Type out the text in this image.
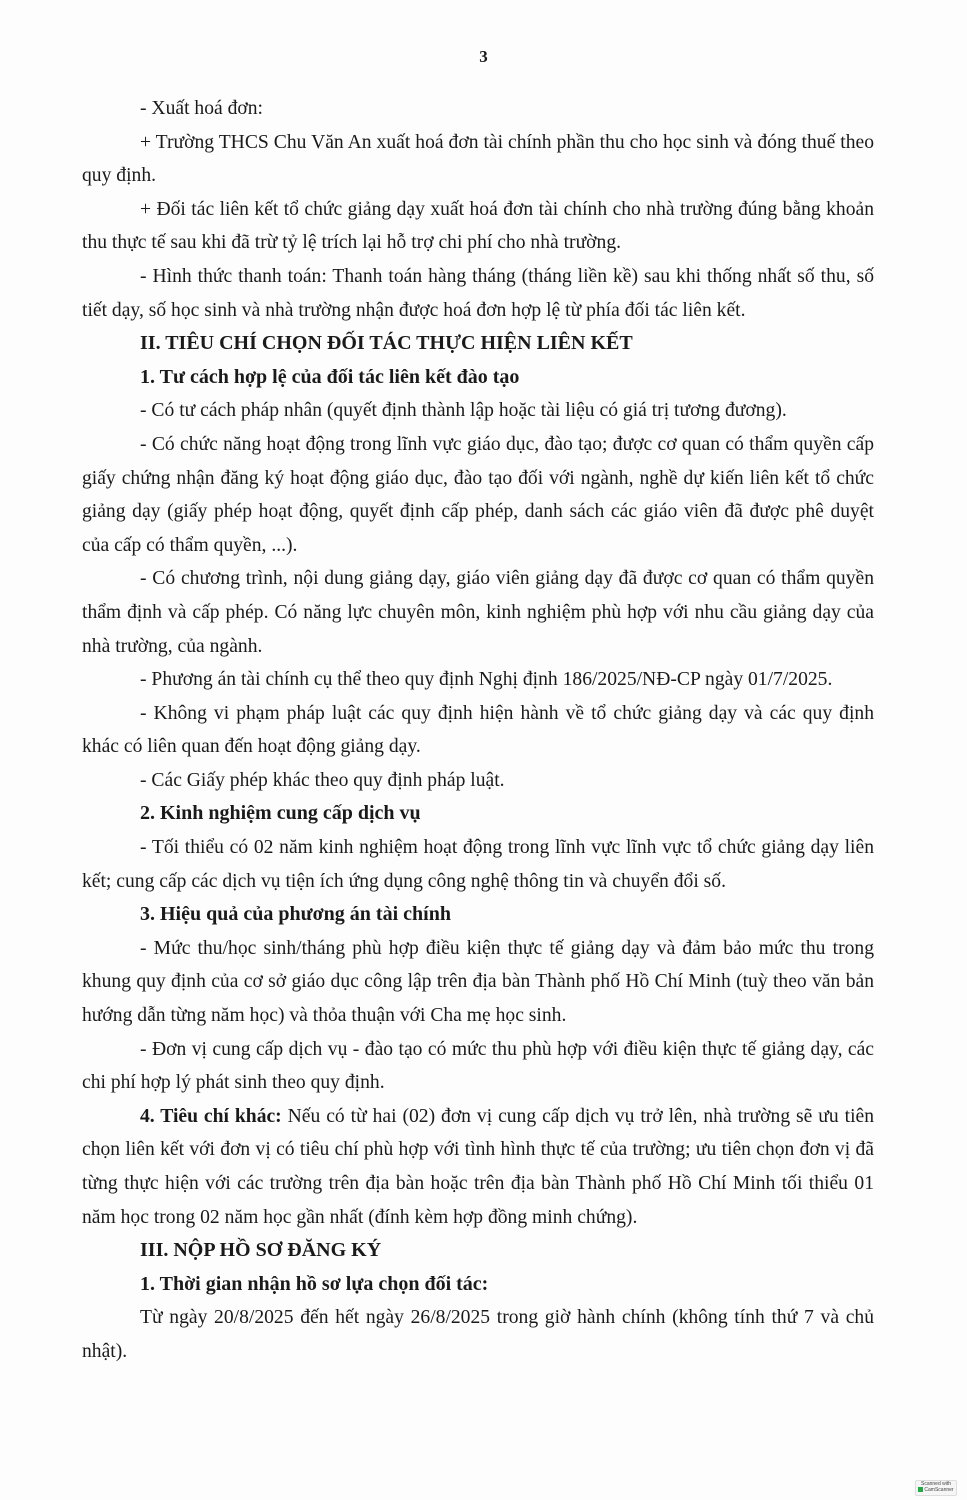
3

- Xuất hoá đơn:

+ Trường THCS Chu Văn An xuất hoá đơn tài chính phần thu cho học sinh và đóng thuế theo quy định.

+ Đối tác liên kết tổ chức giảng dạy xuất hoá đơn tài chính cho nhà trường đúng bằng khoản thu thực tế sau khi đã trừ tỷ lệ trích lại hỗ trợ chi phí cho nhà trường.

- Hình thức thanh toán: Thanh toán hàng tháng (tháng liền kề) sau khi thống nhất số thu, số tiết dạy, số học sinh và nhà trường nhận được hoá đơn hợp lệ từ phía đối tác liên kết.

II. TIÊU CHÍ CHỌN ĐỐI TÁC THỰC HIỆN LIÊN KẾT

1. Tư cách hợp lệ của đối tác liên kết đào tạo

- Có tư cách pháp nhân (quyết định thành lập hoặc tài liệu có giá trị tương đương).

- Có chức năng hoạt động trong lĩnh vực giáo dục, đào tạo; được cơ quan có thẩm quyền cấp giấy chứng nhận đăng ký hoạt động giáo dục, đào tạo đối với ngành, nghề dự kiến liên kết tổ chức giảng dạy (giấy phép hoạt động, quyết định cấp phép, danh sách các giáo viên đã được phê duyệt của cấp có thẩm quyền, ...).

- Có chương trình, nội dung giảng dạy, giáo viên giảng dạy đã được cơ quan có thẩm quyền thẩm định và cấp phép. Có năng lực chuyên môn, kinh nghiệm phù hợp với nhu cầu giảng dạy của nhà trường, của ngành.

- Phương án tài chính cụ thể theo quy định Nghị định 186/2025/NĐ-CP ngày 01/7/2025.

- Không vi phạm pháp luật các quy định hiện hành về tổ chức giảng dạy và các quy định khác có liên quan đến hoạt động giảng dạy.

- Các Giấy phép khác theo quy định pháp luật.

2. Kinh nghiệm cung cấp dịch vụ

- Tối thiểu có 02 năm kinh nghiệm hoạt động trong lĩnh vực lĩnh vực tổ chức giảng dạy liên kết; cung cấp các dịch vụ tiện ích ứng dụng công nghệ thông tin và chuyển đổi số.

3. Hiệu quả của phương án tài chính

- Mức thu/học sinh/tháng phù hợp điều kiện thực tế giảng dạy và đảm bảo mức thu trong khung quy định của cơ sở giáo dục công lập trên địa bàn Thành phố Hồ Chí Minh (tuỳ theo văn bản hướng dẫn từng năm học) và thỏa thuận với Cha mẹ học sinh.

- Đơn vị cung cấp dịch vụ - đào tạo có mức thu phù hợp với điều kiện thực tế giảng dạy, các chi phí hợp lý phát sinh theo quy định.

4. Tiêu chí khác: Nếu có từ hai (02) đơn vị cung cấp dịch vụ trở lên, nhà trường sẽ ưu tiên chọn liên kết với đơn vị có tiêu chí phù hợp với tình hình thực tế của trường; ưu tiên chọn đơn vị đã từng thực hiện với các trường trên địa bàn hoặc trên địa bàn Thành phố Hồ Chí Minh tối thiểu 01 năm học trong 02 năm học gần nhất (đính kèm hợp đồng minh chứng).

III. NỘP HỒ SƠ ĐĂNG KÝ

1. Thời gian nhận hồ sơ lựa chọn đối tác:

Từ ngày 20/8/2025 đến hết ngày 26/8/2025 trong giờ hành chính (không tính thứ 7 và chủ nhật).

Scanned with
CamScanner
